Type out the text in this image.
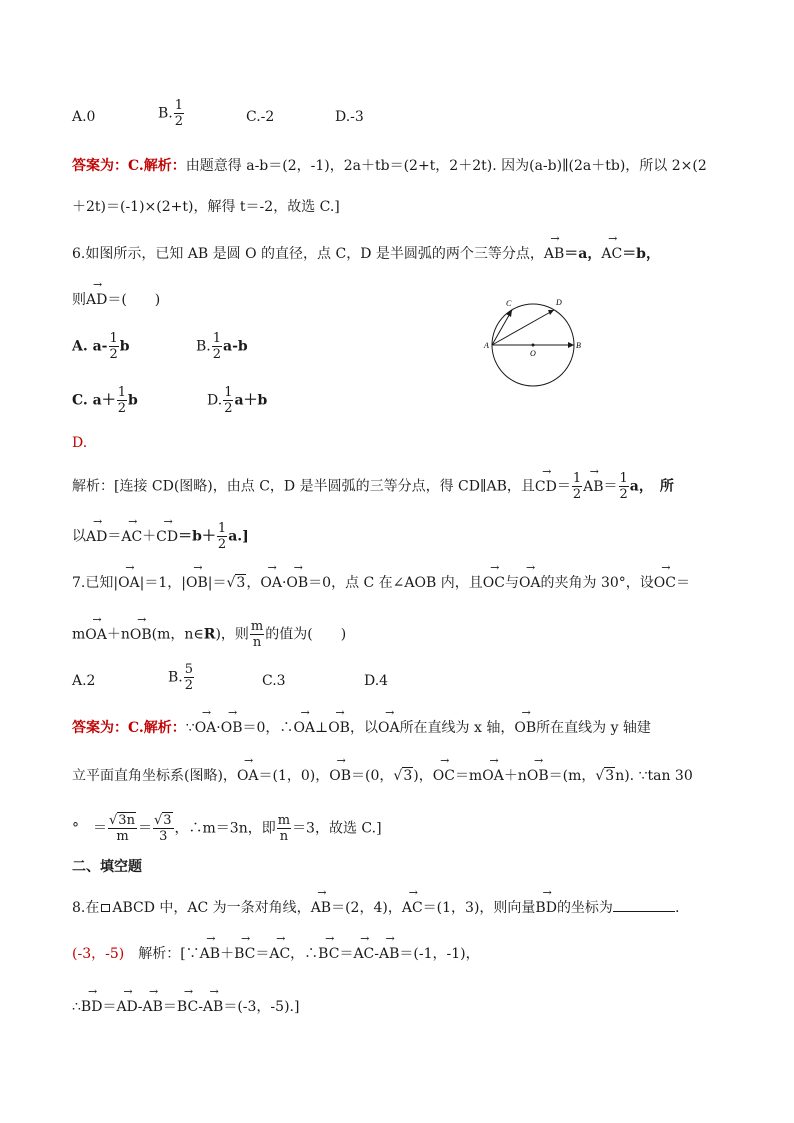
A.0	B. $\frac{1}{2}$	C.-2	D.-3
答案为：C.解析：由题意得 a-b＝(2，-1)，2a＋tb＝(2+t，2＋2t). 因为(a-b)∥(2a＋tb)，所以 2×(2
＋2t)＝(-1)×(2+t)，解得 t＝-2，故选 C.]
6.如图所示，已知 AB 是圆 O 的直径，点 C，D 是半圆弧的两个三等分点，→ AB＝a，→ AC＝b，
则→ AD＝(　　)
A. $a- \frac{1}{2}$ b	B. $\frac{1}{2} a-b$
C. $a+ \frac{1}{2}$ b	D. $\frac{1}{2} a+b$
C	D
A
O
B
D.
解析：[连接 CD(图略)，由点 C，D 是半圆弧的三等分点，得 CD∥AB，且→ $CD= \frac{1}{2}$
→ $AB= \frac{1}{2}$ a，　所
以→ $AD=\to AC+\to CD=b+ \frac{1}{2} a$.]
7.已知|→ OA|＝1，|→ OB|＝√3，→ OA·→ OB＝0，点 C 在∠AOB 内，且→ OC与→ OA的夹角为 30°，设→ OC＝
m→ OA＋n→ OB(m，n∈R)，则 $\frac{m}{n}$ 的值为(　　)
A.2	B. $\frac{5}{2}$	C.3	D.4
答案为：C.解析：∵→ OA·→ OB＝0，∴→ OA⊥→ OB，以→ OA所在直线为 x 轴，→ OB所在直线为 y 轴建
立平面直角坐标系(图略)，→ OA＝(1，0)，→ OB＝(0，√3)，→ OC＝m→ OA＋n→ OB＝(m，√3n). ∵tan 30
°　＝ $\frac{√3n}{m} = \frac{√3}{3}$ ，∴m＝3n，即 $\frac{m}{n} =3$，故选 C.]
二、填空题
8.在 ABCD 中，AC 为一条对角线，→ AB＝(2，4)，→ AC＝(1，3)，则向量→ BD的坐标为	.
(-3，-5)　 解析：[∵→ AB＋→ BC＝→ AC，∴→ BC＝→ AC-→ AB＝(-1，-1)，
∴→ BD＝→ AD-→ AB＝→ BC-→ AB＝(-3，-5).]
